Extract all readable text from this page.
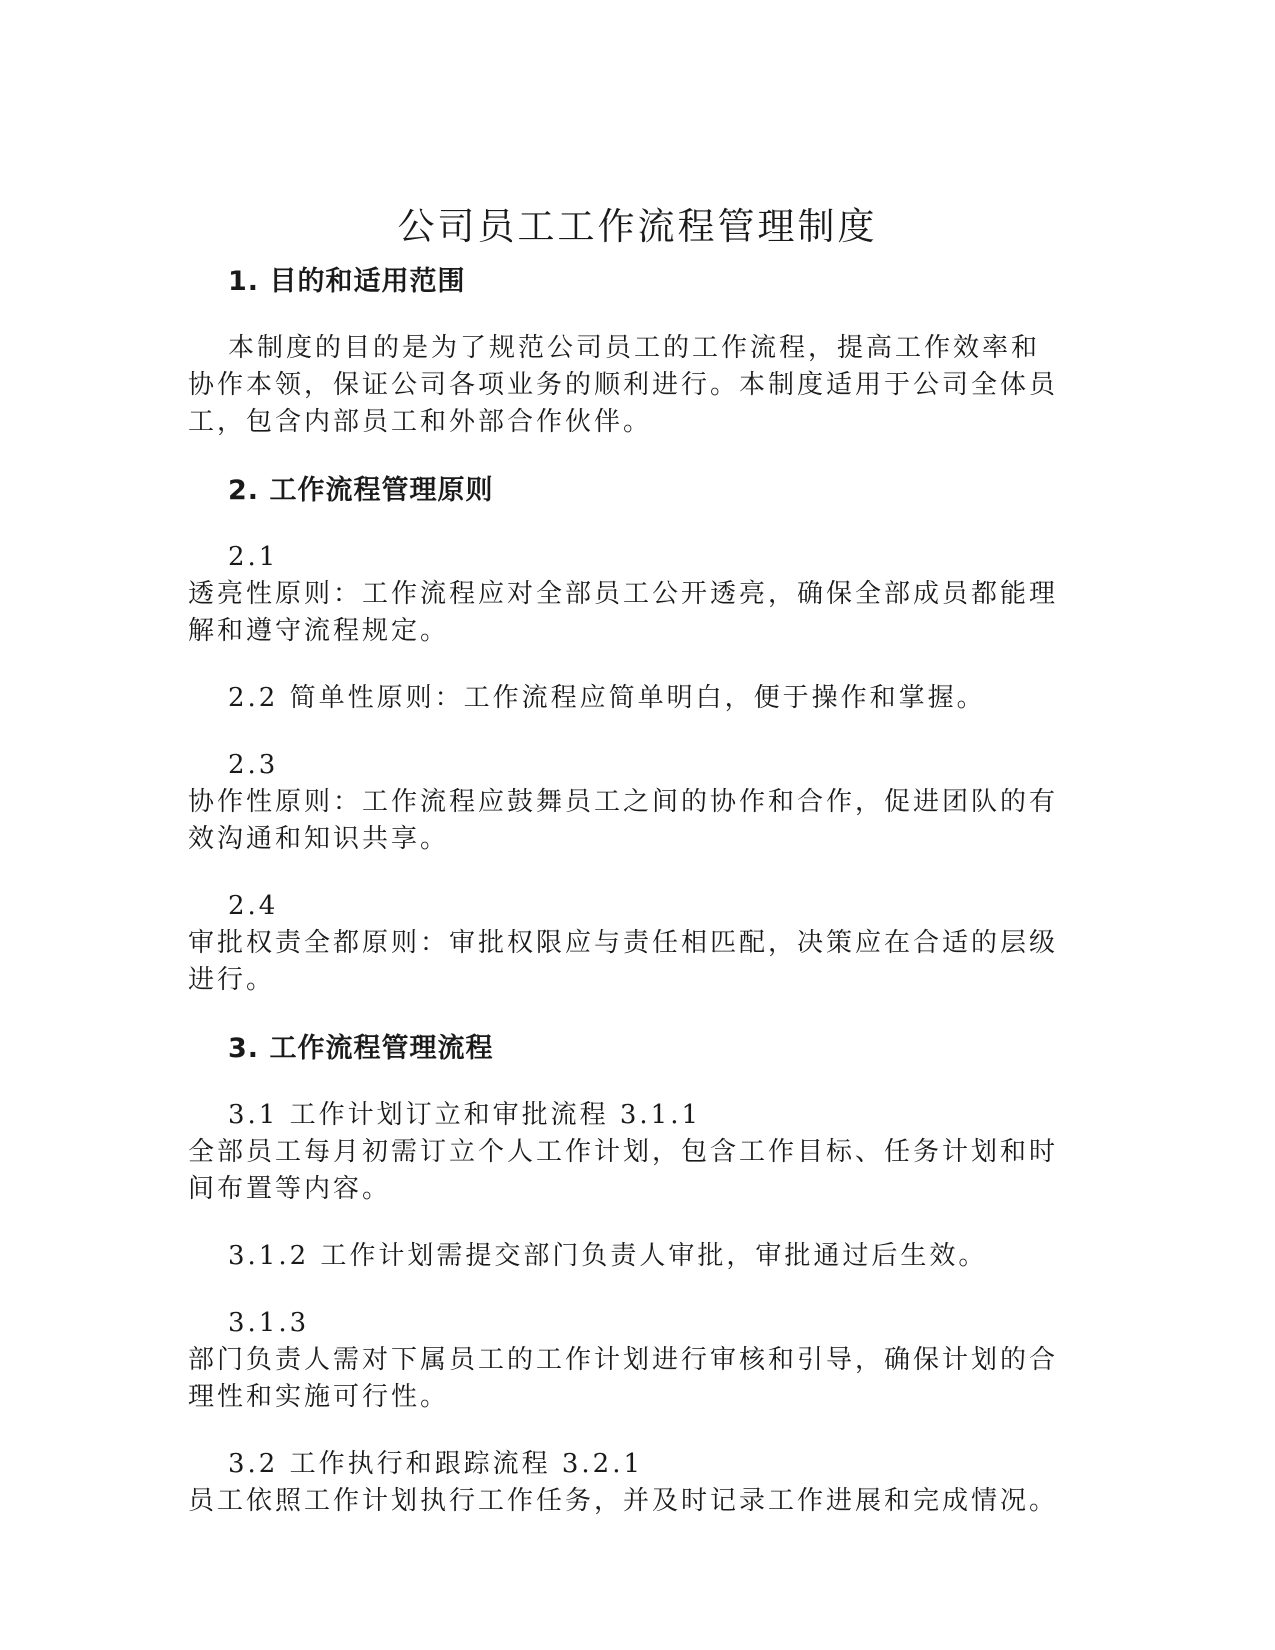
公司员工工作流程管理制度
1. 目的和适用范围

本制度的目的是为了规范公司员工的工作流程，提高工作效率和协作本领，保证公司各项业务的顺利进行。本制度适用于公司全体员工，包含内部员工和外部合作伙伴。

2. 工作流程管理原则
2.1
透亮性原则：工作流程应对全部员工公开透亮，确保全部成员都能理解和遵守流程规定。
2.2 简单性原则：工作流程应简单明白，便于操作和掌握。
2.3
协作性原则：工作流程应鼓舞员工之间的协作和合作，促进团队的有效沟通和知识共享。
2.4
审批权责全都原则：审批权限应与责任相匹配，决策应在合适的层级进行。
3. 工作流程管理流程
3.1 工作计划订立和审批流程 3.1.1
全部员工每月初需订立个人工作计划，包含工作目标、任务计划和时间布置等内容。
3.1.2 工作计划需提交部门负责人审批，审批通过后生效。
3.1.3
部门负责人需对下属员工的工作计划进行审核和引导，确保计划的合理性和实施可行性。
3.2 工作执行和跟踪流程 3.2.1
员工依照工作计划执行工作任务，并及时记录工作进展和完成情况。
